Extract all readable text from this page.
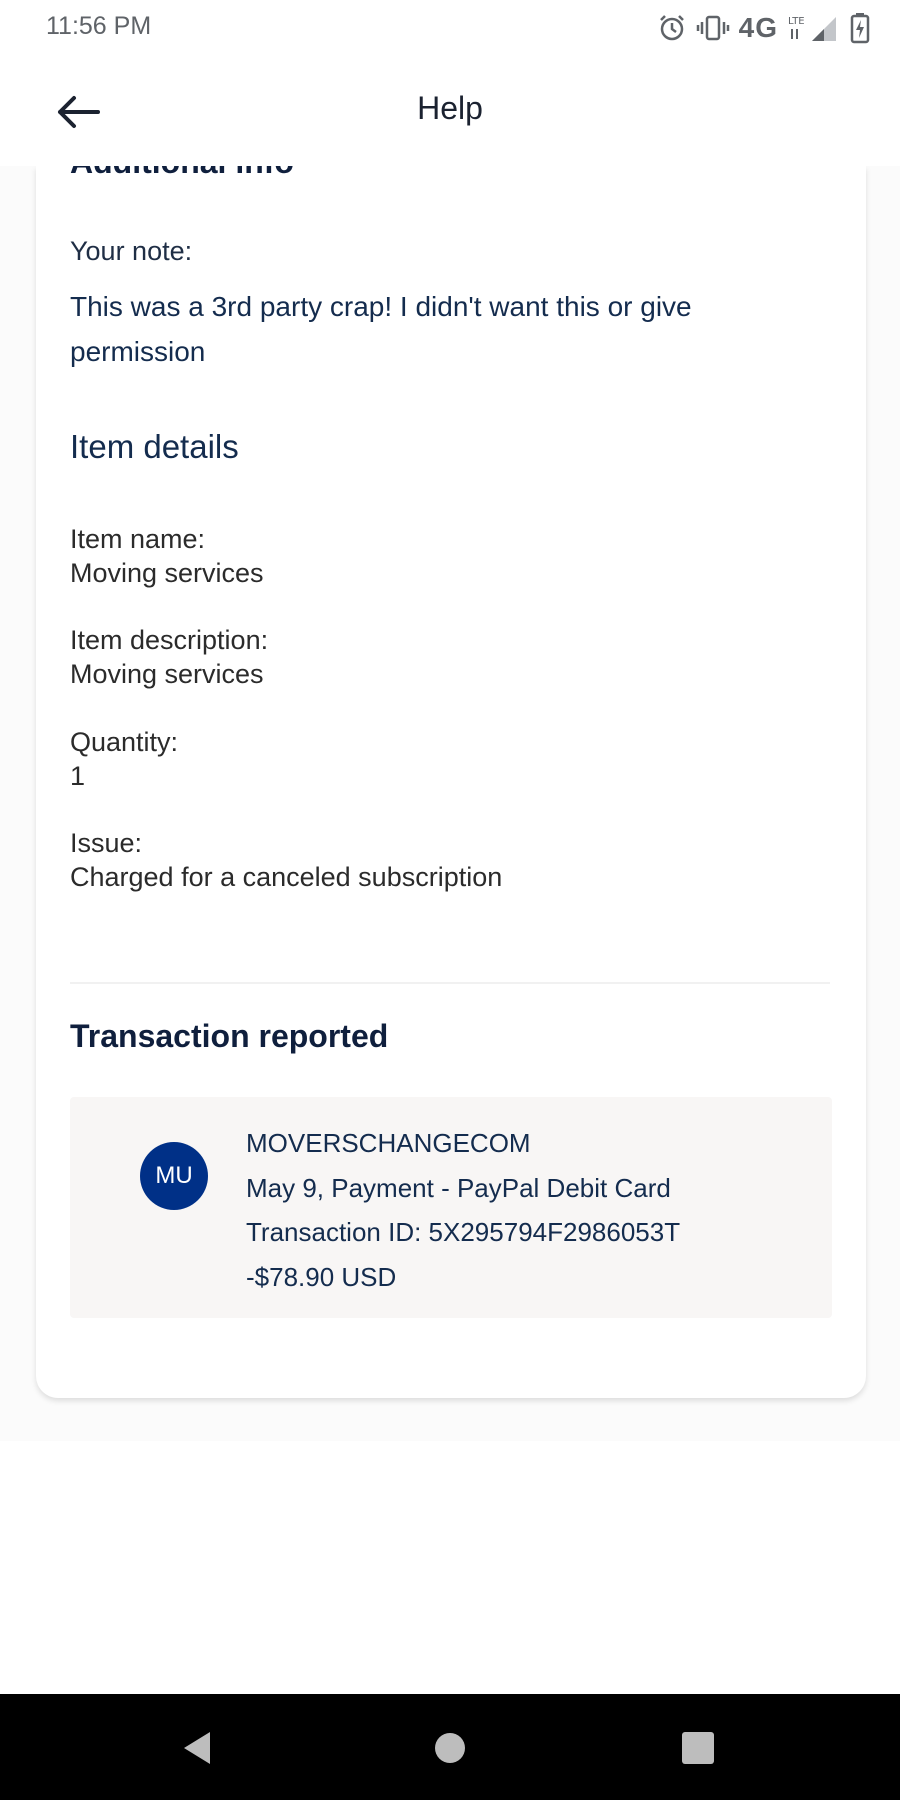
11:56 PM	4G LTE
Help
Your note:
This was a 3rd party crap! I didn't want this or give permission
Item details
Item name:
Moving services
Item description:
Moving services
Quantity:
1
Issue:
Charged for a canceled subscription
Transaction reported
MU
MOVERSCHANGECOM
May 9, Payment - PayPal Debit Card
Transaction ID: 5X295794F2986053T
-$78.90 USD
